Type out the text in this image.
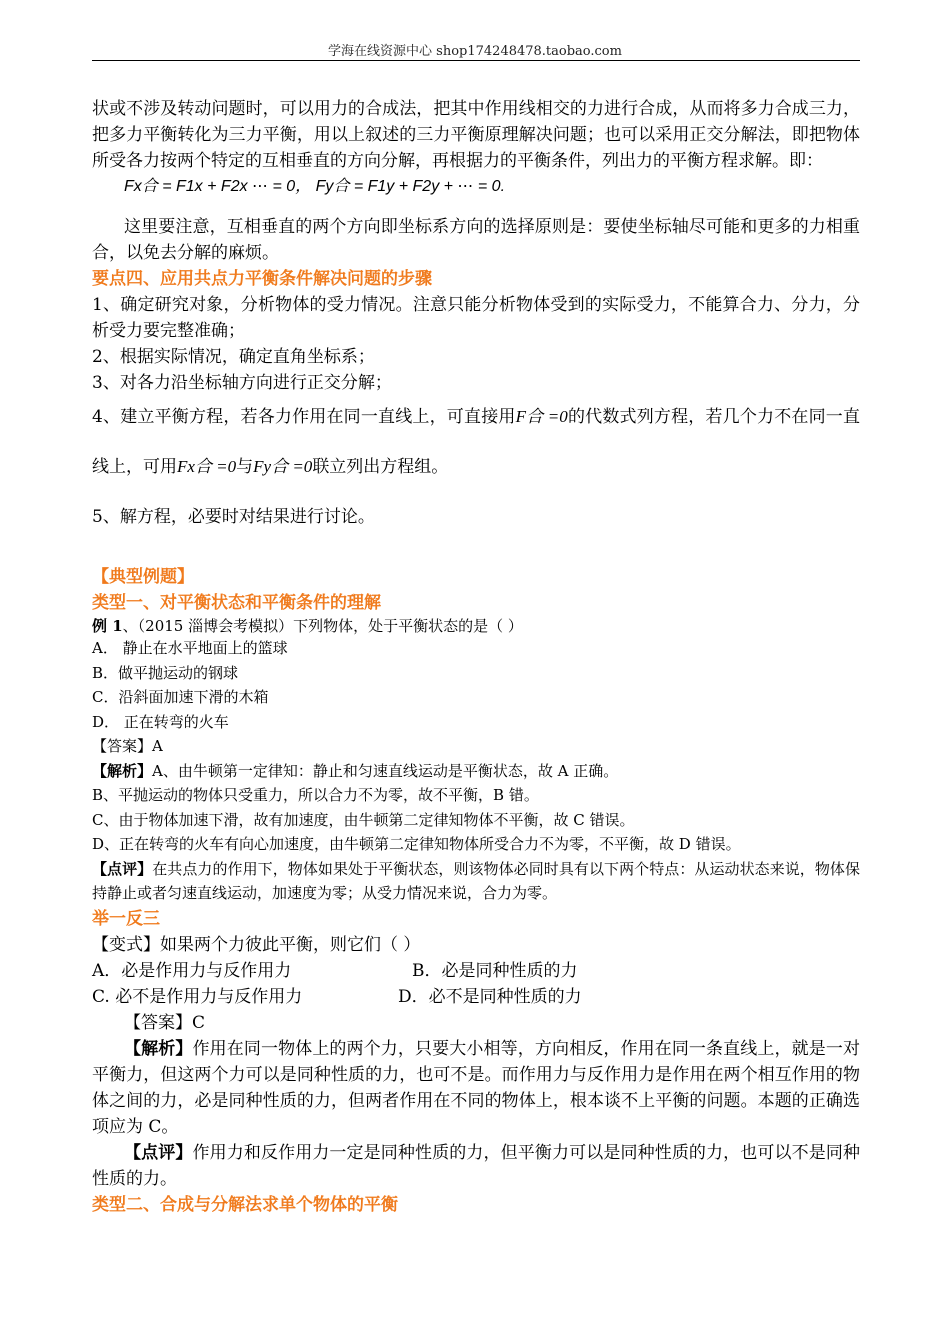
学海在线资源中心 shop174248478.taobao.com

状或不涉及转动问题时，可以用力的合成法，把其中作用线相交的力进行合成，从而将多力合成三力，把多力平衡转化为三力平衡，用以上叙述的三力平衡原理解决问题；也可以采用正交分解法，即把物体所受各力按两个特定的互相垂直的方向分解，再根据力的平衡条件，列出力的平衡方程求解。即：

Fx合 = F1x + F2x ⋯ = 0， Fy合 = F1y + F2y + ⋯ = 0.

这里要注意，互相垂直的两个方向即坐标系方向的选择原则是：要使坐标轴尽可能和更多的力相重合，以免去分解的麻烦。

要点四、应用共点力平衡条件解决问题的步骤

1、确定研究对象，分析物体的受力情况。注意只能分析物体受到的实际受力，不能算合力、分力，分析受力要完整准确；

2、根据实际情况，确定直角坐标系；

3、对各力沿坐标轴方向进行正交分解；

4、建立平衡方程，若各力作用在同一直线上，可直接用F合 =0的代数式列方程，若几个力不在同一直线上，可用Fx合 =0与Fy合 =0联立列出方程组。

5、解方程，必要时对结果进行讨论。

【典型例题】

类型一、对平衡状态和平衡条件的理解

例 1、（2015 淄博会考模拟）下列物体，处于平衡状态的是（ ）

A． 静止在水平地面上的篮球

B．做平抛运动的钢球

C．沿斜面加速下滑的木箱

D． 正在转弯的火车

【答案】A

【解析】A、由牛顿第一定律知：静止和匀速直线运动是平衡状态，故 A 正确。

B、平抛运动的物体只受重力，所以合力不为零，故不平衡，B 错。

C、由于物体加速下滑，故有加速度，由牛顿第二定律知物体不平衡，故 C 错误。

D、正在转弯的火车有向心加速度，由牛顿第二定律知物体所受合力不为零，不平衡，故 D 错误。

【点评】在共点力的作用下，物体如果处于平衡状态，则该物体必同时具有以下两个特点：从运动状态来说，物体保持静止或者匀速直线运动，加速度为零；从受力情况来说，合力为零。

举一反三

【变式】如果两个力彼此平衡，则它们（ ）

A．必是作用力与反作用力	B．必是同种性质的力
C. 必不是作用力与反作用力	D．必不是同种性质的力

【答案】C

【解析】作用在同一物体上的两个力，只要大小相等，方向相反，作用在同一条直线上，就是一对平衡力，但这两个力可以是同种性质的力，也可不是。而作用力与反作用力是作用在两个相互作用的物体之间的力，必是同种性质的力，但两者作用在不同的物体上，根本谈不上平衡的问题。本题的正确选项应为 C。

【点评】作用力和反作用力一定是同种性质的力，但平衡力可以是同种性质的力，也可以不是同种性质的力。

类型二、合成与分解法求单个物体的平衡
